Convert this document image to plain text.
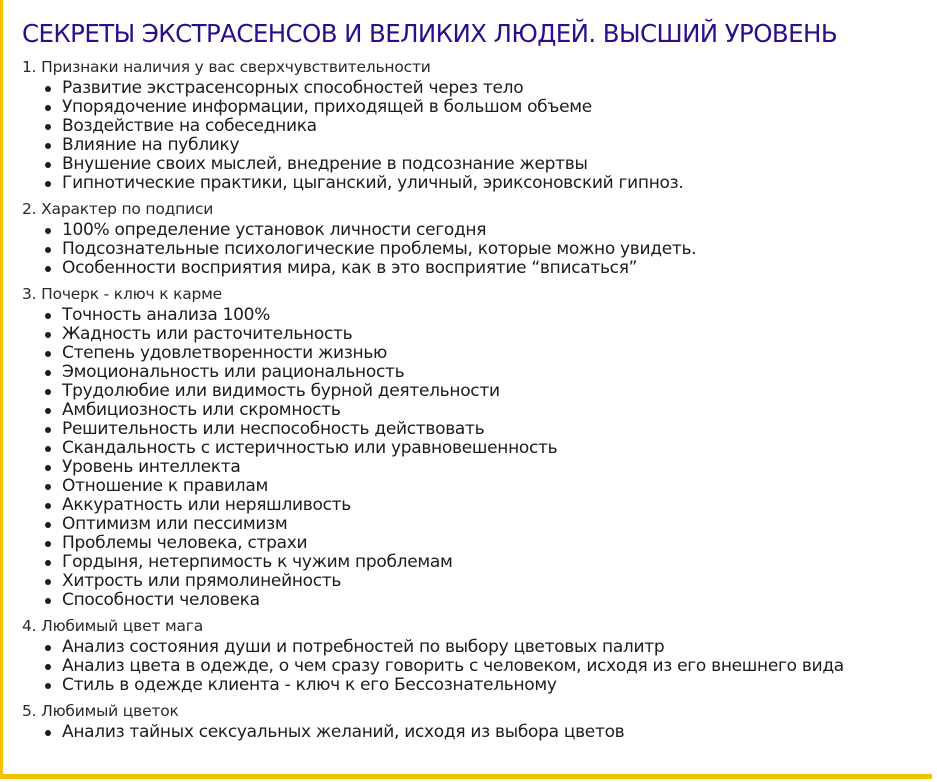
СЕКРЕТЫ ЭКСТРАСЕНСОВ И ВЕЛИКИХ ЛЮДЕЙ. ВЫСШИЙ УРОВЕНЬ
1. Признаки наличия у вас сверхчувствительности
Развитие экстрасенсорных способностей через тело
Упорядочение информации, приходящей в большом объеме
Воздействие на собеседника
Влияние на публику
Внушение своих мыслей, внедрение в подсознание жертвы
Гипнотические практики, цыганский, уличный, эриксоновский гипноз.
2. Характер по подписи
100% определение установок личности сегодня
Подсознательные психологические проблемы, которые можно увидеть.
Особенности восприятия мира, как в это восприятие “вписаться”
3. Почерк - ключ к карме
Точность анализа 100%
Жадность или расточительность
Степень удовлетворенности жизнью
Эмоциональность или рациональность
Трудолюбие или видимость бурной деятельности
Амбициозность или скромность
Решительность или неспособность действовать
Скандальность с истеричностью или уравновешенность
Уровень интеллекта
Отношение к правилам
Аккуратность или неряшливость
Оптимизм или пессимизм
Проблемы человека, страхи
Гордыня, нетерпимость к чужим проблемам
Хитрость или прямолинейность
Способности человека
4. Любимый цвет мага
Анализ состояния души и потребностей по выбору цветовых палитр
Анализ цвета в одежде, о чем сразу говорить с человеком, исходя из его внешнего вида
Стиль в одежде клиента - ключ к его Бессознательному
5. Любимый цветок
Анализ тайных сексуальных желаний, исходя из выбора цветов
